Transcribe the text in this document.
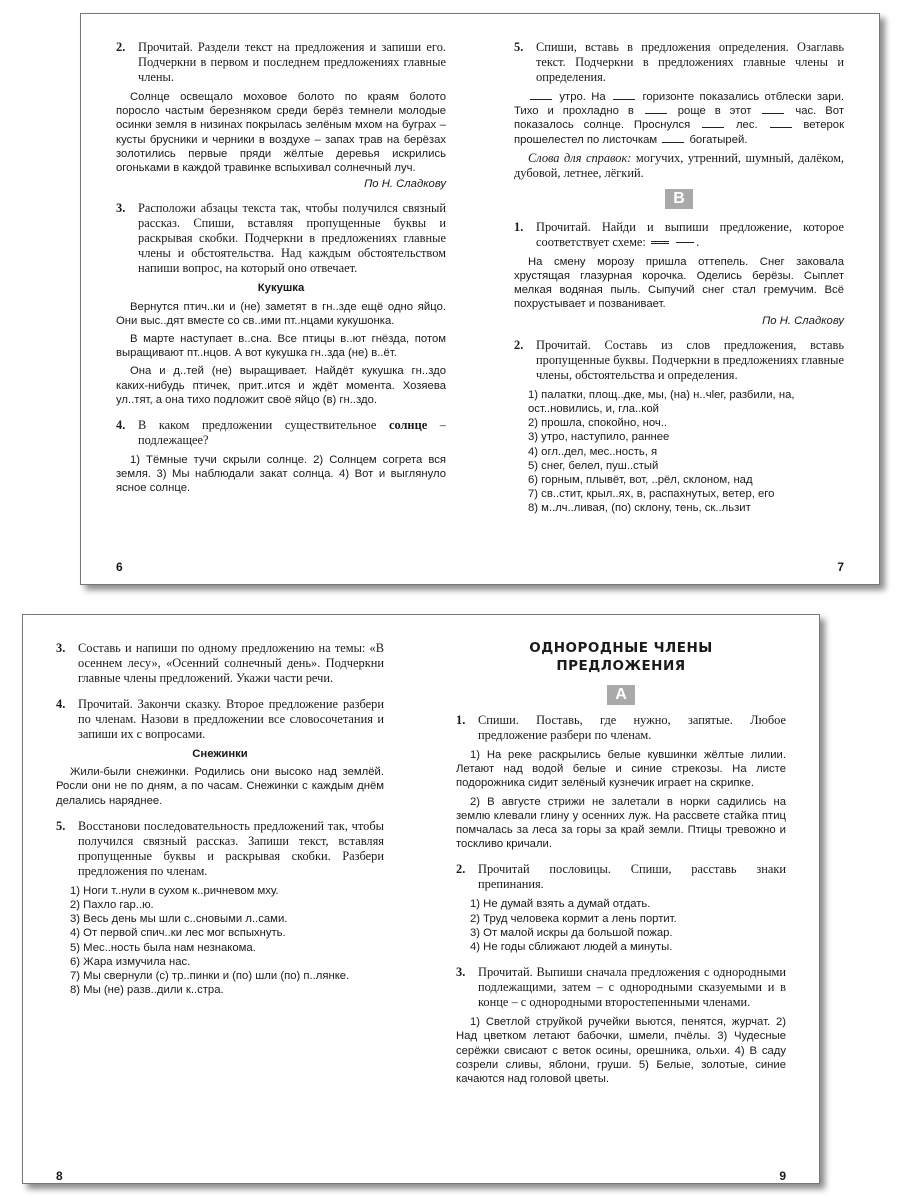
2.	Прочитай. Раздели текст на предложения и запиши его. Подчеркни в первом и последнем предложениях главные члены.

Солнце освещало моховое болото по краям болото поросло частым березняком среди берёз темнели молодые осинки земля в низинах покрылась зелёным мхом на буграх – кусты брусники и черники в воздухе – запах трав на берёзах золотились первые пряди жёлтые деревья искрились огоньками в каждой травинке вспыхивал солнечный луч.

По Н. Сладкову
3.	Расположи абзацы текста так, чтобы получился связный рассказ. Спиши, вставляя пропущенные буквы и раскрывая скобки. Подчеркни в предложениях главные члены и обстоятельства. Над каждым обстоятельством напиши вопрос, на который оно отвечает.
Кукушка

Вернутся птич..ки и (не) заметят в гн..зде ещё одно яйцо. Они выс..дят вместе со св..ими пт..нцами кукушонка.

В марте наступает в..сна. Все птицы в..ют гнёзда, потом выращивают пт..нцов. А вот кукушка гн..зда (не) в..ёт.

Она и д..тей (не) выращивает. Найдёт кукушка гн..здо каких-нибудь птичек, прит..ится и ждёт момента. Хозяева ул..тят, а она тихо подложит своё яйцо (в) гн..здо.

4.	В каком предложении существительное солнце – подлежащее?

1) Тёмные тучи скрыли солнце. 2) Солнцем согрета вся земля. 3) Мы наблюдали закат солнца. 4) Вот и выглянуло ясное солнце.

6
5.	Спиши, вставь в предложения определения. Озаглавь текст. Подчеркни в предложениях главные члены и определения.

утро. На	горизонте показались отблески зари. Тихо и прохладно в	роще в этот	час. Вот показалось солнце. Проснулся	лес.	ветерок прошелестел по листочкам	богатырей.

Слова для справок: могучих, утренний, шумный, далёком, дубовой, летнее, лёгкий.

В
1.	Прочитай. Найди и выпиши предложение, которое соответствует схеме:	.

На смену морозу пришла оттепель. Снег заковала хрустящая глазурная корочка. Оделись берёзы. Сыплет мелкая водяная пыль. Сыпучий снег стал гремучим. Всё похрустывает и позванивает.

По Н. Сладкову
2.	Прочитай. Составь из слов предложения, вставь пропущенные буквы. Подчеркни в предложениях главные члены, обстоятельства и определения.
1) палатки, площ..дке, мы, (на) н..чleг, разбили, на, ост..новились, и, гла..кой
2) прошла, спокойно, ноч..
3) утро, наступило, раннее
4) огл..дел, мес..ность, я
5) снег, белел, пуш..стый
6) горным, плывёт, вот, ..рёл, склоном, над
7) св..стит, крыл..ях, в, распахнутых, ветер, его
8) м..лч..ливая, (по) склону, тень, ск..льзит
7
3.	Составь и напиши по одному предложению на темы: «В осеннем лесу», «Осенний солнечный день». Подчеркни главные члены предложений. Укажи части речи.
4.	Прочитай. Закончи сказку. Второе предложение разбери по членам. Назови в предложении все словосочетания и запиши их с вопросами.
Снежинки

Жили-были снежинки. Родились они высоко над землёй. Росли они не по дням, а по часам. Снежинки с каждым днём делались наряднее.

5.	Восстанови последовательность предложений так, чтобы получился связный рассказ. Запиши текст, вставляя пропущенные буквы и раскрывая скобки. Разбери предложения по членам.
1) Ноги т..нули в сухом к..ричневом мху.
2) Пахло гар..ю.
3) Весь день мы шли с..сновыми л..сами.
4) От первой спич..ки лес мог вспыхнуть.
5) Мес..ность была нам незнакома.
6) Жара измучила нас.
7) Мы свернули (с) тр..пинки и (по) шли (по) п..лянке.
8) Мы (не) разв..дили к..стра.
8
ОДНОРОДНЫЕ ЧЛЕНЫ
ПРЕДЛОЖЕНИЯ
А
1.	Спиши. Поставь, где нужно, запятые. Любое предложение разбери по членам.

1) На реке раскрылись белые кувшинки жёлтые лилии. Летают над водой белые и синие стрекозы. На листе подорожника сидит зелёный кузнечик играет на скрипке.

2) В августе стрижи не залетали в норки садились на землю клевали глину у осенних луж. На рассвете стайка птиц помчалась за леса за горы за край земли. Птицы тревожно и тоскливо кричали.

2.	Прочитай пословицы. Спиши, расставь знаки препинания.
1) Не думай взять а думай отдать.
2) Труд человека кормит а лень портит.
3) От малой искры да большой пожар.
4) Не годы сближают людей а минуты.
3.	Прочитай. Выпиши сначала предложения с однородными подлежащими, затем – с однородными сказуемыми и в конце – с однородными второстепенными членами.

1) Светлой струйкой ручейки вьются, пенятся, журчат. 2) Над цветком летают бабочки, шмели, пчёлы. 3) Чудесные серёжки свисают с веток осины, орешника, ольхи. 4) В саду созрели сливы, яблони, груши. 5) Белые, золотые, синие качаются над головой цветы.

9
